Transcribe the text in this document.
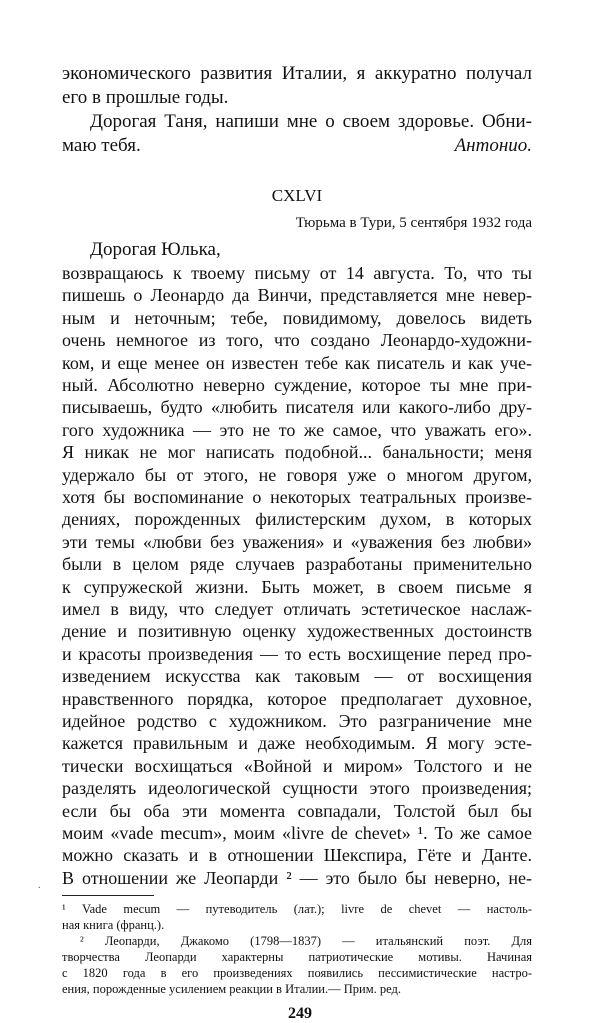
экономического развития Италии, я аккуратно получал
его в прошлые годы.
Дорогая Таня, напиши мне о своем здоровье. Обни-
маю тебя.	Антонио.
CXLVI
Тюрьма в Тури, 5 сентября 1932 года
Дорогая Юлька,
возвращаюсь к твоему письму от 14 августа. То, что ты
пишешь о Леонардо да Винчи, представляется мне невер-
ным и неточным; тебе, повидимому, довелось видеть
очень немногое из того, что создано Леонардо-художни-
ком, и еще менее он известен тебе как писатель и как уче-
ный. Абсолютно неверно суждение, которое ты мне при-
писываешь, будто «любить писателя или какого-либо дру-
гого художника — это не то же самое, что уважать его».
Я никак не мог написать подобной... банальности; меня
удержало бы от этого, не говоря уже о многом другом,
хотя бы воспоминание о некоторых театральных произве-
дениях, порожденных филистерским духом, в которых
эти темы «любви без уважения» и «уважения без любви»
были в целом ряде случаев разработаны применительно
к супружеской жизни. Быть может, в своем письме я
имел в виду, что следует отличать эстетическое наслаж-
дение и позитивную оценку художественных достоинств
и красоты произведения — то есть восхищение перед про-
изведением искусства как таковым — от восхищения
нравственного порядка, которое предполагает духовное,
идейное родство с художником. Это разграничение мне
кажется правильным и даже необходимым. Я могу эсте-
тически восхищаться «Войной и миром» Толстого и не
разделять идеологической сущности этого произведения;
если бы оба эти момента совпадали, Толстой был бы
моим «vade mecum», моим «livre de chevet» ¹. То же самое
можно сказать и в отношении Шекспира, Гёте и Данте.
В отношении же Леопарди ² — это было бы неверно, не-
¹ Vade mecum — путеводитель (лат.); livre de chevet — настоль-
ная книга (франц.).
² Леопарди, Джакомо (1798—1837) — итальянский поэт. Для
творчества Леопарди характерны патриотические мотивы. Начиная
с 1820 года в его произведениях появились пессимистические настро-
ения, порожденные усилением реакции в Италии.— Прим. ред.
249
.
